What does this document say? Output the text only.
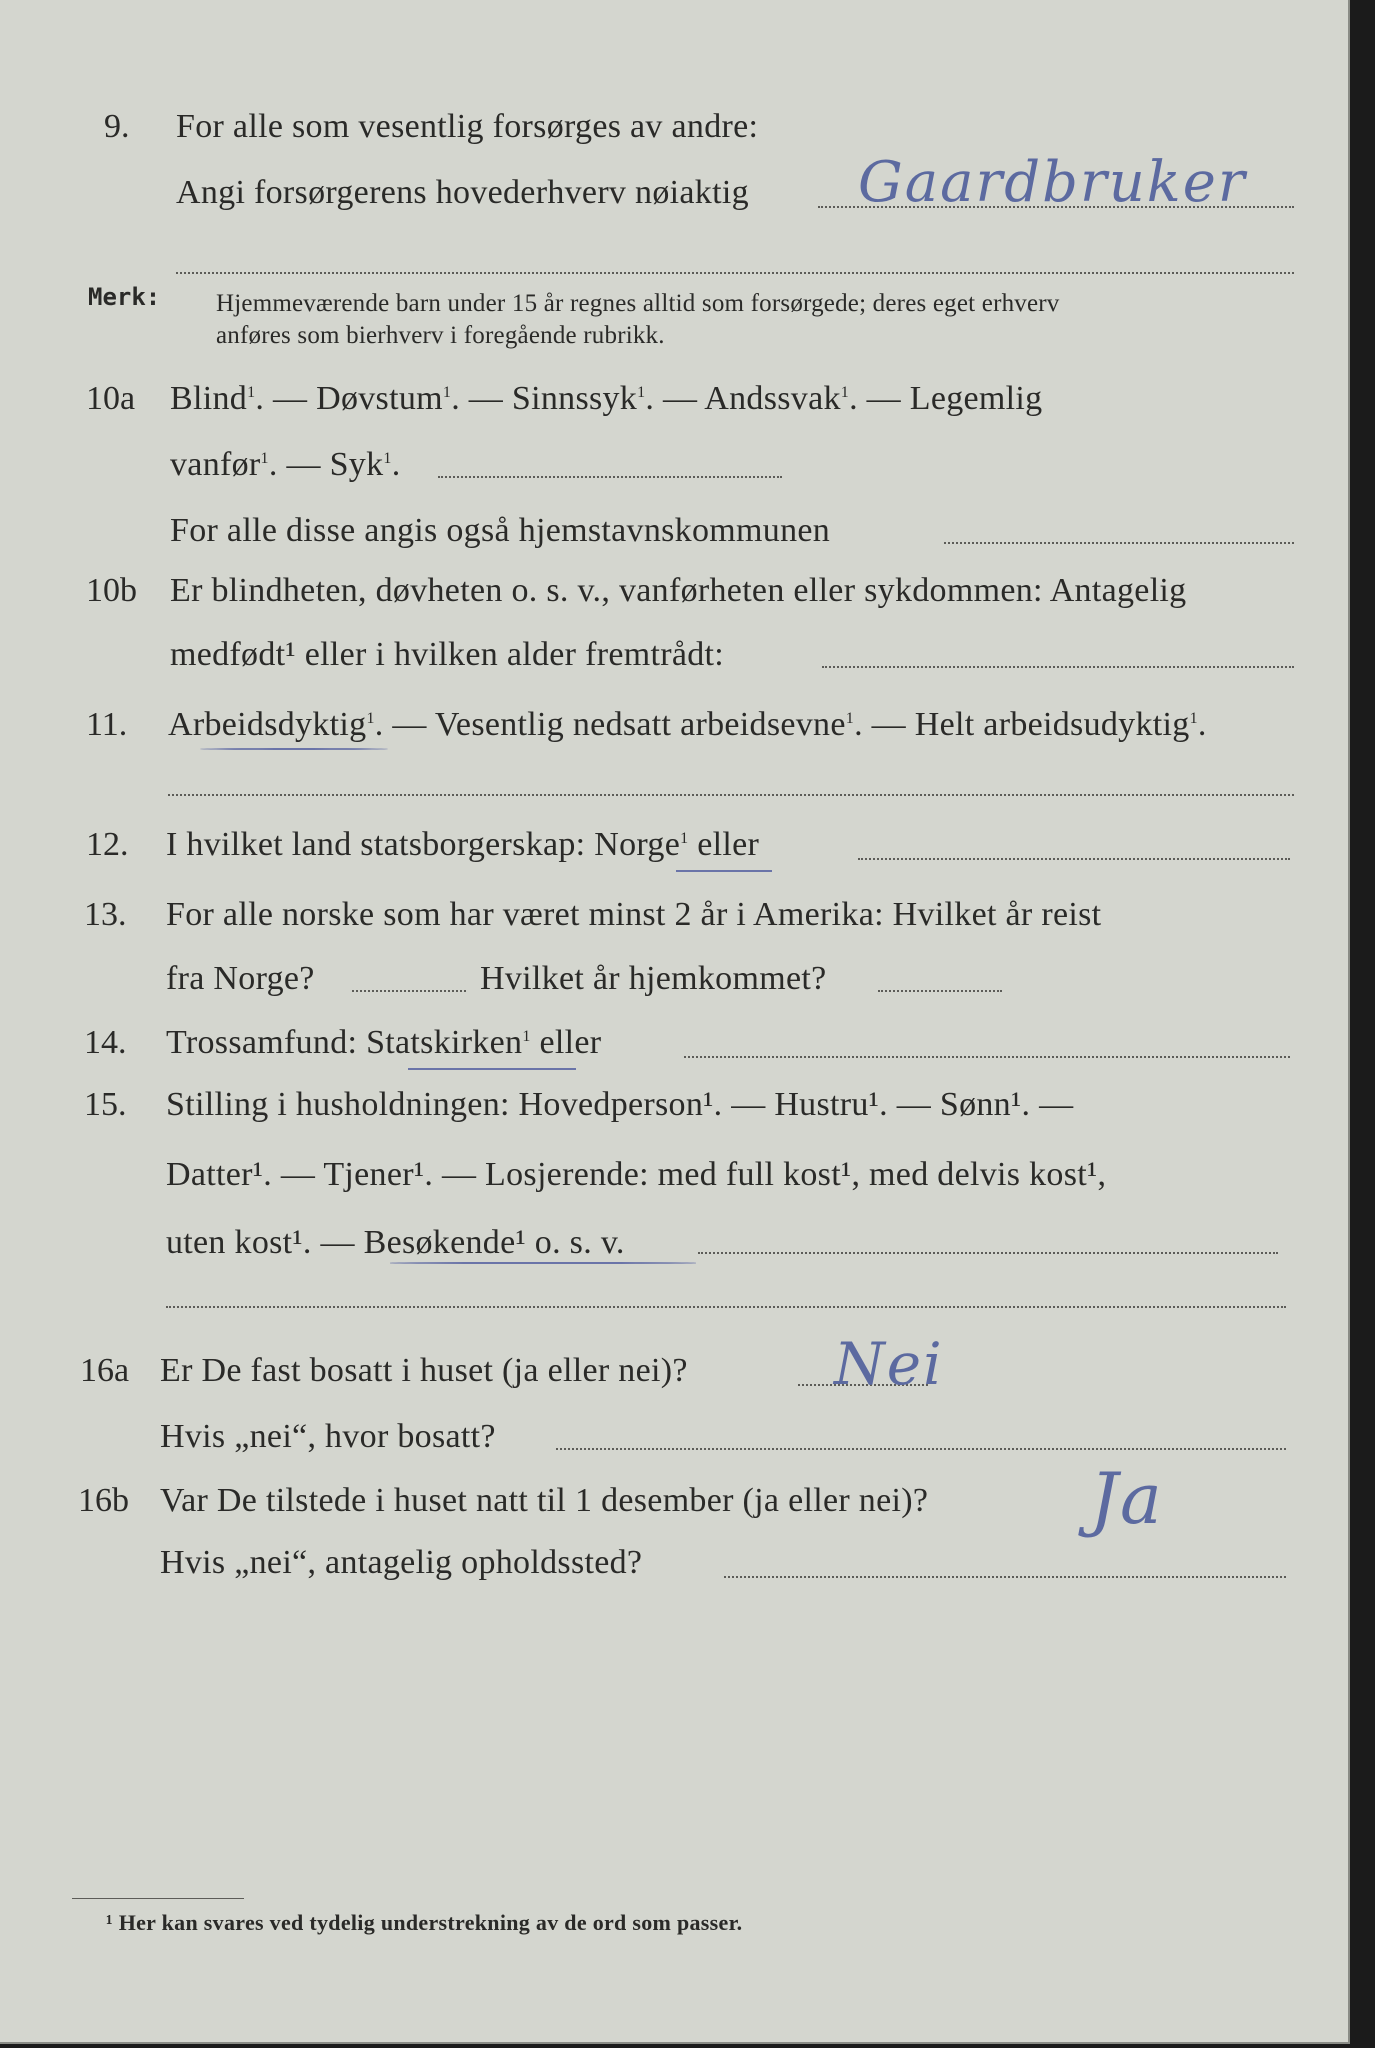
9. For alle som vesentlig forsørges av andre:
Angi forsørgerens hovederhverv nøiaktig Gaardbruker
Merk: Hjemmeværende barn under 15 år regnes alltid som forsørgede; deres eget erhverv
anføres som bierhverv i foregående rubrikk.
10a Blind$^1$. — Døvstum$^1$. — Sinnssyk$^1$. — Andssvak$^1$. — Legemlig
vanfør$^1$. — Syk$^1$.
For alle disse angis også hjemstavnskommunen
10b Er blindheten, døvheten o. s. v., vanførheten eller sykdommen: Antagelig
medfødt¹ eller i hvilken alder fremtrådt:
11. Arbeidsdyktig$^1$. — Vesentlig nedsatt arbeidsevne$^1$. — Helt arbeidsudyktig$^1$.
12. I hvilket land statsborgerskap: Norge$^1$ eller
13. For alle norske som har været minst 2 år i Amerika: Hvilket år reist
fra Norge?	Hvilket år hjemkommet?
14. Trossamfund: Statskirken$^1$ eller
15. Stilling i husholdningen: Hovedperson¹. — Hustru¹. — Sønn¹. —
Datter¹. — Tjener¹. — Losjerende: med full kost¹, med delvis kost¹,
uten kost¹. — Besøkende¹ o. s. v.
16a Er De fast bosatt i huset (ja eller nei)?	Nei
Hvis „nei“, hvor bosatt?
16b Var De tilstede i huset natt til 1 desember (ja eller nei)? Ja
Hvis „nei“, antagelig opholdssted?
¹ Her kan svares ved tydelig understrekning av de ord som passer.
